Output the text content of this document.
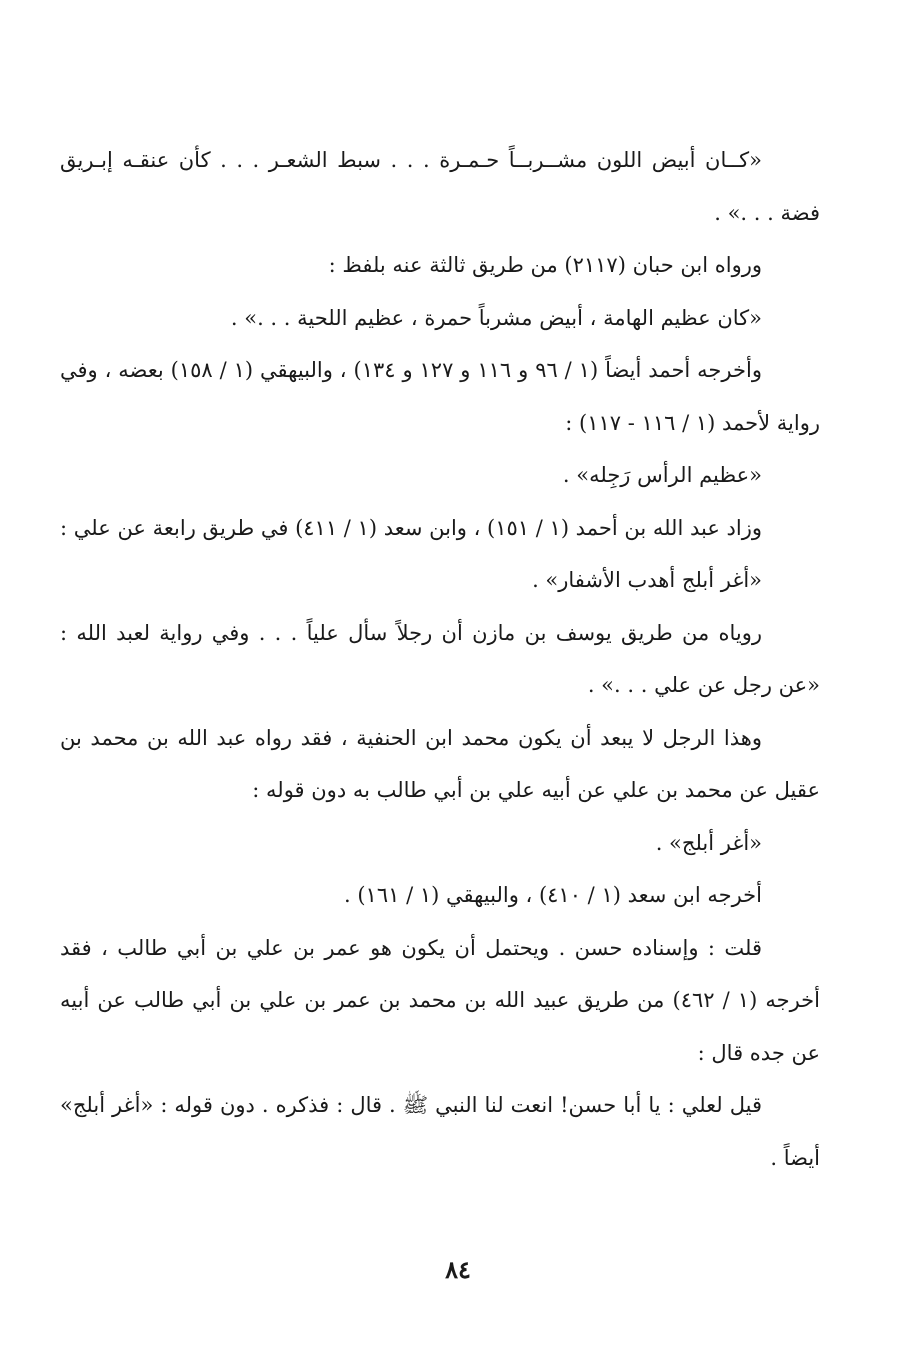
«كــان أبيض اللون مشــربــاً حـمـرة . . . سبط الشعـر . . . كأن عنقـه إبـريق فضة . . .» .

ورواه ابن حبان (٢١١٧) من طريق ثالثة عنه بلفظ :

«كان عظيم الهامة ، أبيض مشرباً حمرة ، عظيم اللحية . . .» .

وأخرجه أحمد أيضاً (١ / ٩٦ و ١١٦ و ١٢٧ و ١٣٤) ، والبيهقي (١ / ١٥٨) بعضه ، وفي رواية لأحمد (١ / ١١٦ - ١١٧) :

«عظيم الرأس رَجِله» .

وزاد عبد الله بن أحمد (١ / ١٥١) ، وابن سعد (١ / ٤١١) في طريق رابعة عن علي :

«أغر أبلج أهدب الأشفار» .

روياه من طريق يوسف بن مازن أن رجلاً سأل علياً . . . وفي رواية لعبد الله : «عن رجل عن علي . . .» .

وهذا الرجل لا يبعد أن يكون محمد ابن الحنفية ، فقد رواه عبد الله بن محمد بن عقيل عن محمد بن علي عن أبيه علي بن أبي طالب به دون قوله :

«أغر أبلج» .

أخرجه ابن سعد (١ / ٤١٠) ، والبيهقي (١ / ١٦١) .

قلت : وإسناده حسن . ويحتمل أن يكون هو عمر بن علي بن أبي طالب ، فقد أخرجه (١ / ٤٦٢) من طريق عبيد الله بن محمد بن عمر بن علي بن أبي طالب عن أبيه عن جده قال :

قيل لعلي : يا أبا حسن! انعت لنا النبي ﷺ . قال : فذكره . دون قوله : «أغر أبلج» أيضاً .

٨٤
